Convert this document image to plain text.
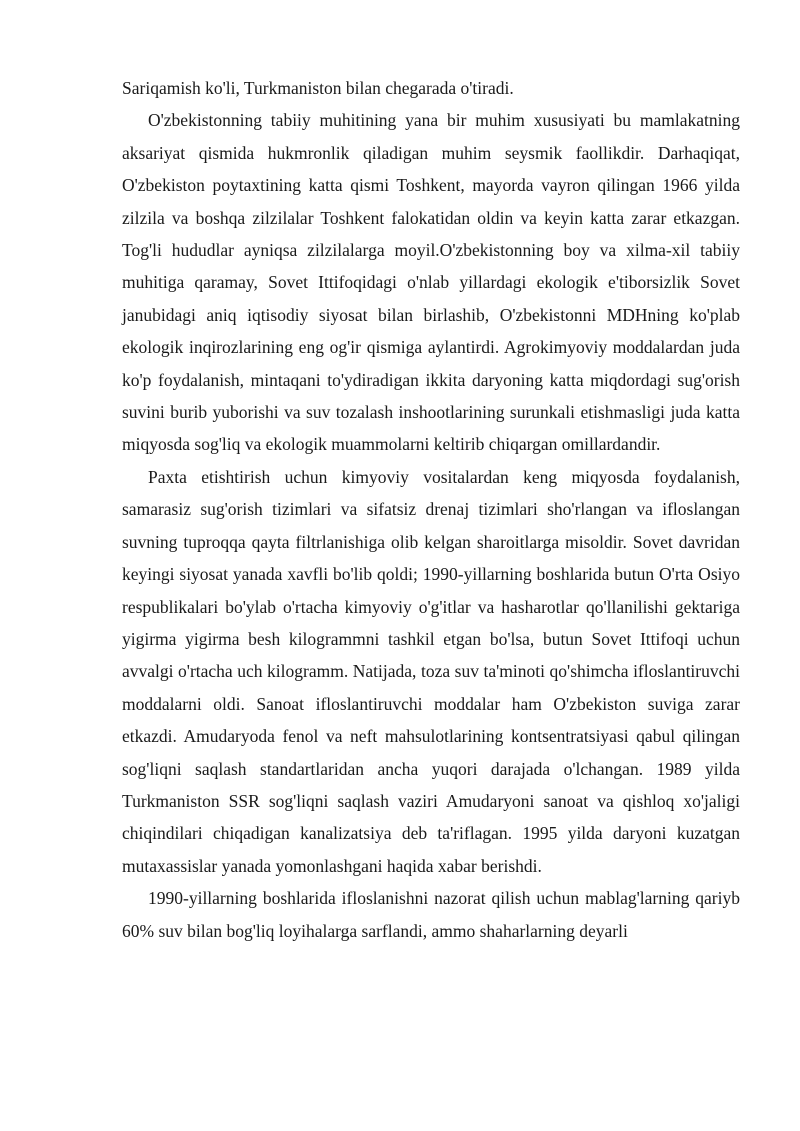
Sariqamish ko'li, Turkmaniston bilan chegarada o'tiradi.

O'zbekistonning tabiiy muhitining yana bir muhim xususiyati bu mamlakatning aksariyat qismida hukmronlik qiladigan muhim seysmik faollikdir. Darhaqiqat, O'zbekiston poytaxtining katta qismi Toshkent, mayorda vayron qilingan 1966 yilda zilzila va boshqa zilzilalar Toshkent falokatidan oldin va keyin katta zarar etkazgan. Tog'li hududlar ayniqsa zilzilalarga moyil.O'zbekistonning boy va xilma-xil tabiiy muhitiga qaramay, Sovet Ittifoqidagi o'nlab yillardagi ekologik e'tiborsizlik Sovet janubidagi aniq iqtisodiy siyosat bilan birlashib, O'zbekistonni MDHning ko'plab ekologik inqirozlarining eng og'ir qismiga aylantirdi. Agrokimyoviy moddalardan juda ko'p foydalanish, mintaqani to'ydiradigan ikkita daryoning katta miqdordagi sug'orish suvini burib yuborishi va suv tozalash inshootlarining surunkali etishmasligi juda katta miqyosda sog'liq va ekologik muammolarni keltirib chiqargan omillardandir.

Paxta etishtirish uchun kimyoviy vositalardan keng miqyosda foydalanish, samarasiz sug'orish tizimlari va sifatsiz drenaj tizimlari sho'rlangan va ifloslangan suvning tuproqqa qayta filtrlanishiga olib kelgan sharoitlarga misoldir. Sovet davridan keyingi siyosat yanada xavfli bo'lib qoldi; 1990-yillarning boshlarida butun O'rta Osiyo respublikalari bo'ylab o'rtacha kimyoviy o'g'itlar va hasharotlar qo'llanilishi gektariga yigirma yigirma besh kilogrammni tashkil etgan bo'lsa, butun Sovet Ittifoqi uchun avvalgi o'rtacha uch kilogramm. Natijada, toza suv ta'minoti qo'shimcha ifloslantiruvchi moddalarni oldi. Sanoat ifloslantiruvchi moddalar ham O'zbekiston suviga zarar etkazdi. Amudaryoda fenol va neft mahsulotlarining kontsentratsiyasi qabul qilingan sog'liqni saqlash standartlaridan ancha yuqori darajada o'lchangan. 1989 yilda Turkmaniston SSR sog'liqni saqlash vaziri Amudaryoni sanoat va qishloq xo'jaligi chiqindilari chiqadigan kanalizatsiya deb ta'riflagan. 1995 yilda daryoni kuzatgan mutaxassislar yanada yomonlashgani haqida xabar berishdi.

1990-yillarning boshlarida ifloslanishni nazorat qilish uchun mablag'larning qariyb 60% suv bilan bog'liq loyihalarga sarflandi, ammo shaharlarning deyarli
